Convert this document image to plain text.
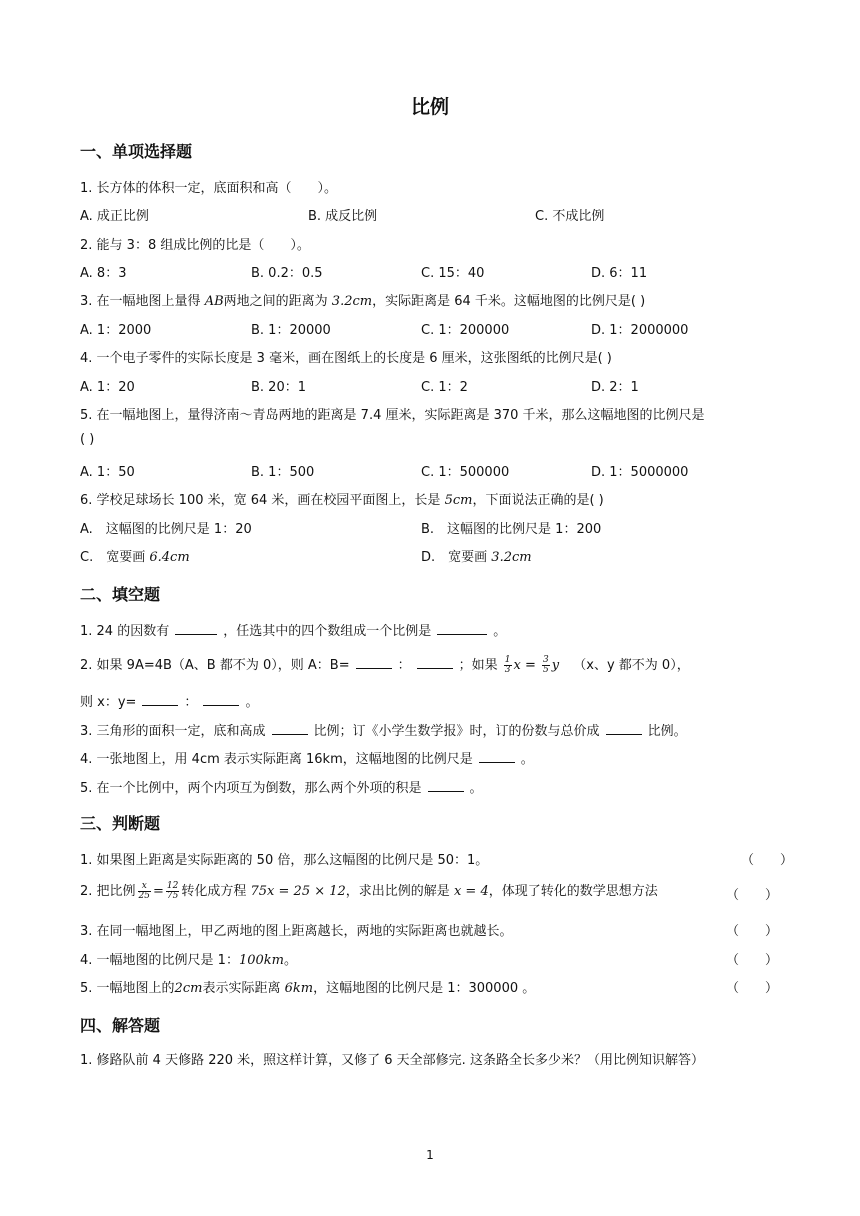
比例
一、单项选择题
1. 长方体的体积一定，底面积和高（　　）。
A. 成正比例	B. 成反比例	C. 不成比例
2. 能与 3：8 组成比例的比是（　　）。
A. 8：3	B. 0.2：0.5	C. 15：40	D. 6：11
3. 在一幅地图上量得 AB两地之间的距离为 3.2cm，实际距离是 64 千米。这幅地图的比例尺是( )
A. 1：2000	B. 1：20000	C. 1：200000	D. 1：2000000
4. 一个电子零件的实际长度是 3 毫米，画在图纸上的长度是 6 厘米，这张图纸的比例尺是( )
A. 1：20	B. 20：1	C. 1：2	D. 2：1
5. 在一幅地图上，量得济南～青岛两地的距离是 7.4 厘米，实际距离是 370 千米，那么这幅地图的比例尺是
( )
A. 1：50	B. 1：500	C. 1：500000	D. 1：5000000
6. 学校足球场长 100 米，宽 64 米，画在校园平面图上，长是 5cm，下面说法正确的是( )
A.　这幅图的比例尺是 1：20	B.　这幅图的比例尺是 1：200
C.　宽要画 6.4cm	D.　宽要画 3.2cm
二、填空题
1. 24 的因数有	，任选其中的四个数组成一个比例是	。
2. 如果 9A=4B（A、B 都不为 0），则 A：B=	：	；如果 $\frac{1}{3}$ $x = \frac{3}{5}$ y （x、y 都不为 0），
则 x：y=	：	。
3. 三角形的面积一定，底和高成	比例；订《小学生数学报》时，订的份数与总价成	比例。
4. 一张地图上，用 4cm 表示实际距离 16km，这幅地图的比例尺是	。
5. 在一个比例中，两个内项互为倒数，那么两个外项的积是	。
三、判断题
1. 如果图上距离是实际距离的 50 倍，那么这幅图的比例尺是 50：1。	（　　）
2. 把比例 $\frac{x}{25} = \frac{12}{75}$ 转化成方程 75x = 25 × 12，求出比例的解是 x = 4，体现了转化的数学思想方法	（　　）
3. 在同一幅地图上，甲乙两地的图上距离越长，两地的实际距离也就越长。	（　　）
4. 一幅地图的比例尺是 1：100km。	（　　）
5. 一幅地图上的2cm表示实际距离 6km，这幅地图的比例尺是 1：300000 。	（　　）
四、解答题
1. 修路队前 4 天修路 220 米，照这样计算，又修了 6 天全部修完. 这条路全长多少米？（用比例知识解答）
1
